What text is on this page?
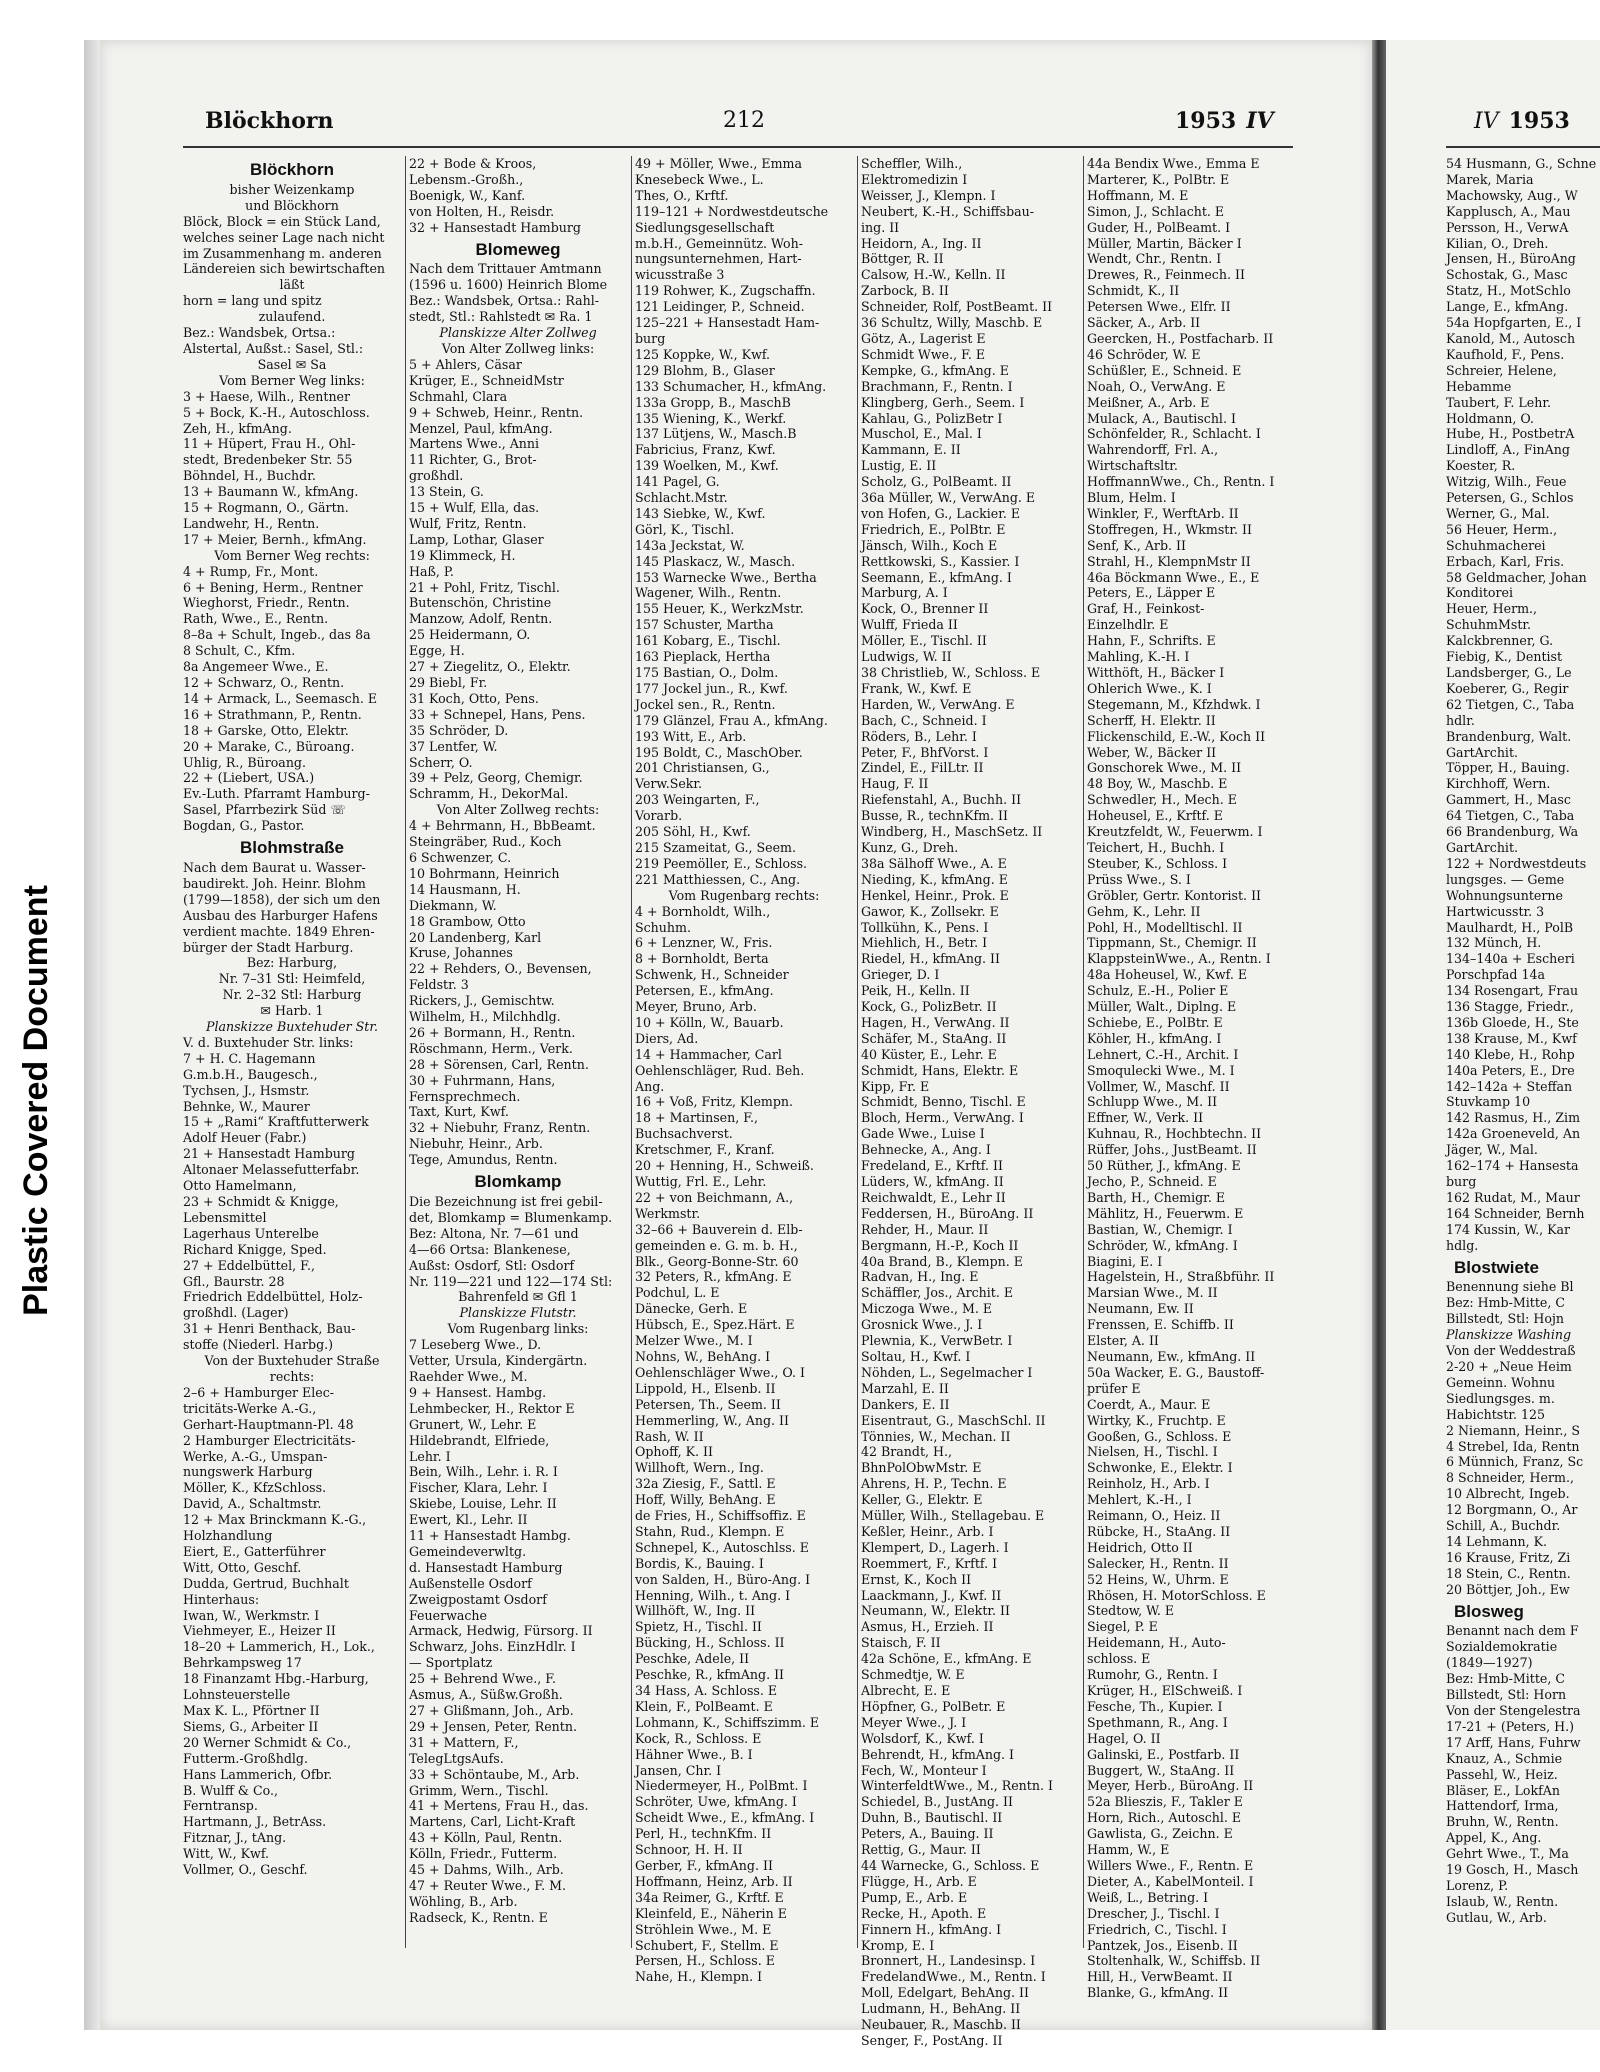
Plastic Covered Document
Blöckhorn	212	1953 IV
Blöckhorn
bisher Weizenkamp
und Blöckhorn
Blöck, Block = ein Stück Land,
welches seiner Lage nach nicht
im Zusammenhang m. anderen
Ländereien sich bewirtschaften
läßt
horn = lang und spitz
zulaufend.
Bez.: Wandsbek, Ortsa.:
Alstertal, Außst.: Sasel, Stl.:
Sasel ✉ Sa
Vom Berner Weg links:
3 + Haese, Wilh., Rentner
5 + Bock, K.-H., Autoschloss.
Zeh, H., kfmAng.
11 + Hüpert, Frau H., Ohl-
stedt, Bredenbeker Str. 55
Böhndel, H., Buchdr.
13 + Baumann W., kfmAng.
15 + Rogmann, O., Gärtn.
Landwehr, H., Rentn.
17 + Meier, Bernh., kfmAng.
Vom Berner Weg rechts:
4 + Rump, Fr., Mont.
6 + Bening, Herm., Rentner
Wieghorst, Friedr., Rentn.
Rath, Wwe., E., Rentn.
8–8a + Schult, Ingeb., das 8a
8 Schult, C., Kfm.
8a Angemeer Wwe., E.
12 + Schwarz, O., Rentn.
14 + Armack, L., Seemasch. E
16 + Strathmann, P., Rentn.
18 + Garske, Otto, Elektr.
20 + Marake, C., Büroang.
Uhlig, R., Büroang.
22 + (Liebert, USA.)
Ev.-Luth. Pfarramt Hamburg-
Sasel, Pfarrbezirk Süd ☏
Bogdan, G., Pastor.
Blohmstraße
Nach dem Baurat u. Wasser-
baudirekt. Joh. Heinr. Blohm
(1799—1858), der sich um den
Ausbau des Harburger Hafens
verdient machte. 1849 Ehren-
bürger der Stadt Harburg.
Bez: Harburg,
Nr. 7–31 Stl: Heimfeld,
Nr. 2–32 Stl: Harburg
✉ Harb. 1
Planskizze Buxtehuder Str.
V. d. Buxtehuder Str. links:
7 + H. C. Hagemann
G.m.b.H., Baugesch.,
Tychsen, J., Hsmstr.
Behnke, W., Maurer
15 + „Rami“ Kraftfutterwerk
Adolf Heuer (Fabr.)
21 + Hansestadt Hamburg
Altonaer Melassefutterfabr.
Otto Hamelmann,
23 + Schmidt & Knigge,
Lebensmittel
Lagerhaus Unterelbe
Richard Knigge, Sped.
27 + Eddelbüttel, F.,
Gfl., Baurstr. 28
Friedrich Eddelbüttel, Holz-
großhdl. (Lager)
31 + Henri Benthack, Bau-
stoffe (Niederl. Harbg.)
Von der Buxtehuder Straße
rechts:
2–6 + Hamburger Elec-
tricitäts-Werke A.-G.,
Gerhart-Hauptmann-Pl. 48
2 Hamburger Electricitäts-
Werke, A.-G., Umspan-
nungswerk Harburg
Möller, K., KfzSchloss.
David, A., Schaltmstr.
12 + Max Brinckmann K.-G.,
Holzhandlung
Eiert, E., Gatterführer
Witt, Otto, Geschf.
Dudda, Gertrud, Buchhalt
Hinterhaus:
Iwan, W., Werkmstr. I
Viehmeyer, E., Heizer II
18–20 + Lammerich, H., Lok.,
Behrkampsweg 17
18 Finanzamt Hbg.-Harburg,
Lohnsteuerstelle
Max K. L., Pförtner II
Siems, G., Arbeiter II
20 Werner Schmidt & Co.,
Futterm.-Großhdlg.
Hans Lammerich, Ofbr.
B. Wulff & Co.,
Ferntransp.
Hartmann, J., BetrAss.
Fitznar, J., tAng.
Witt, W., Kwf.
Vollmer, O., Geschf.
22 + Bode & Kroos,
Lebensm.-Großh.,
Boenigk, W., Kanf.
von Holten, H., Reisdr.
32 + Hansestadt Hamburg
Blomeweg
Nach dem Trittauer Amtmann
(1596 u. 1600) Heinrich Blome
Bez.: Wandsbek, Ortsa.: Rahl-
stedt, Stl.: Rahlstedt ✉ Ra. 1
Planskizze Alter Zollweg
Von Alter Zollweg links:
5 + Ahlers, Cäsar
Krüger, E., SchneidMstr
Schmahl, Clara
9 + Schweb, Heinr., Rentn.
Menzel, Paul, kfmAng.
Martens Wwe., Anni
11 Richter, G., Brot-
großhdl.
13 Stein, G.
15 + Wulf, Ella, das.
Wulf, Fritz, Rentn.
Lamp, Lothar, Glaser
19 Klimmeck, H.
Haß, P.
21 + Pohl, Fritz, Tischl.
Butenschön, Christine
Manzow, Adolf, Rentn.
25 Heidermann, O.
Egge, H.
27 + Ziegelitz, O., Elektr.
29 Biebl, Fr.
31 Koch, Otto, Pens.
33 + Schnepel, Hans, Pens.
35 Schröder, D.
37 Lentfer, W.
Scherr, O.
39 + Pelz, Georg, Chemigr.
Schramm, H., DekorMal.
Von Alter Zollweg rechts:
4 + Behrmann, H., BbBeamt.
Steingräber, Rud., Koch
6 Schwenzer, C.
10 Bohrmann, Heinrich
14 Hausmann, H.
Diekmann, W.
18 Grambow, Otto
20 Landenberg, Karl
Kruse, Johannes
22 + Rehders, O., Bevensen,
Feldstr. 3
Rickers, J., Gemischtw.
Wilhelm, H., Milchhdlg.
26 + Bormann, H., Rentn.
Röschmann, Herm., Verk.
28 + Sörensen, Carl, Rentn.
30 + Fuhrmann, Hans,
Fernsprechmech.
Taxt, Kurt, Kwf.
32 + Niebuhr, Franz, Rentn.
Niebuhr, Heinr., Arb.
Tege, Amundus, Rentn.
Blomkamp
Die Bezeichnung ist frei gebil-
det, Blomkamp = Blumenkamp.
Bez: Altona, Nr. 7—61 und
4—66 Ortsa: Blankenese,
Außst: Osdorf, Stl: Osdorf
Nr. 119—221 und 122—174 Stl:
Bahrenfeld ✉ Gfl 1
Planskizze Flutstr.
Vom Rugenbarg links:
7 Leseberg Wwe., D.
Vetter, Ursula, Kindergärtn.
Raehder Wwe., M.
9 + Hansest. Hambg.
Lehmbecker, H., Rektor E
Grunert, W., Lehr. E
Hildebrandt, Elfriede,
Lehr. I
Bein, Wilh., Lehr. i. R. I
Fischer, Klara, Lehr. I
Skiebe, Louise, Lehr. II
Ewert, Kl., Lehr. II
11 + Hansestadt Hambg.
Gemeindeverwltg.
d. Hansestadt Hamburg
Außenstelle Osdorf
Zweigpostamt Osdorf
Feuerwache
Armack, Hedwig, Fürsorg. II
Schwarz, Johs. EinzHdlr. I
— Sportplatz
25 + Behrend Wwe., F.
Asmus, A., Süßw.Großh.
27 + Glißmann, Joh., Arb.
29 + Jensen, Peter, Rentn.
31 + Mattern, F.,
TelegLtgsAufs.
33 + Schöntaube, M., Arb.
Grimm, Wern., Tischl.
41 + Mertens, Frau H., das.
Martens, Carl, Licht-Kraft
43 + Kölln, Paul, Rentn.
Kölln, Friedr., Futterm.
45 + Dahms, Wilh., Arb.
47 + Reuter Wwe., F. M.
Wöhling, B., Arb.
Radseck, K., Rentn. E
49 + Möller, Wwe., Emma
Knesebeck Wwe., L.
Thes, O., Krftf.
119–121 + Nordwestdeutsche
Siedlungsgesellschaft
m.b.H., Gemeinnütz. Woh-
nungsunternehmen, Hart-
wicusstraße 3
119 Rohwer, K., Zugschaffn.
121 Leidinger, P., Schneid.
125–221 + Hansestadt Ham-
burg
125 Koppke, W., Kwf.
129 Blohm, B., Glaser
133 Schumacher, H., kfmAng.
133a Gropp, B., MaschB
135 Wiening, K., Werkf.
137 Lütjens, W., Masch.B
Fabricius, Franz, Kwf.
139 Woelken, M., Kwf.
141 Pagel, G.
Schlacht.Mstr.
143 Siebke, W., Kwf.
Görl, K., Tischl.
143a Jeckstat, W.
145 Plaskacz, W., Masch.
153 Warnecke Wwe., Bertha
Wagener, Wilh., Rentn.
155 Heuer, K., WerkzMstr.
157 Schuster, Martha
161 Kobarg, E., Tischl.
163 Pieplack, Hertha
175 Bastian, O., Dolm.
177 Jockel jun., R., Kwf.
Jockel sen., R., Rentn.
179 Glänzel, Frau A., kfmAng.
193 Witt, E., Arb.
195 Boldt, C., MaschOber.
201 Christiansen, G.,
Verw.Sekr.
203 Weingarten, F.,
Vorarb.
205 Söhl, H., Kwf.
215 Szameitat, G., Seem.
219 Peemöller, E., Schloss.
221 Matthiessen, C., Ang.
Vom Rugenbarg rechts:
4 + Bornholdt, Wilh.,
Schuhm.
6 + Lenzner, W., Fris.
8 + Bornholdt, Berta
Schwenk, H., Schneider
Petersen, E., kfmAng.
Meyer, Bruno, Arb.
10 + Kölln, W., Bauarb.
Diers, Ad.
14 + Hammacher, Carl
Oehlenschläger, Rud. Beh.
Ang.
16 + Voß, Fritz, Klempn.
18 + Martinsen, F.,
Buchsachverst.
Kretschmer, F., Kranf.
20 + Henning, H., Schweiß.
Wuttig, Frl. E., Lehr.
22 + von Beichmann, A.,
Werkmstr.
32–66 + Bauverein d. Elb-
gemeinden e. G. m. b. H.,
Blk., Georg-Bonne-Str. 60
32 Peters, R., kfmAng. E
Podchul, L. E
Dänecke, Gerh. E
Hübsch, E., Spez.Härt. E
Melzer Wwe., M. I
Nohns, W., BehAng. I
Oehlenschläger Wwe., O. I
Lippold, H., Elsenb. II
Petersen, Th., Seem. II
Hemmerling, W., Ang. II
Rash, W. II
Ophoff, K. II
Willhoft, Wern., Ing.
32a Ziesig, F., Sattl. E
Hoff, Willy, BehAng. E
de Fries, H., Schiffsoffiz. E
Stahn, Rud., Klempn. E
Schnepel, K., Autoschlss. E
Bordis, K., Bauing. I
von Salden, H., Büro-Ang. I
Henning, Wilh., t. Ang. I
Willhöft, W., Ing. II
Spietz, H., Tischl. II
Bücking, H., Schloss. II
Peschke, Adele, II
Peschke, R., kfmAng. II
34 Hass, A. Schloss. E
Klein, F., PolBeamt. E
Lohmann, K., Schiffszimm. E
Kock, R., Schloss. E
Hähner Wwe., B. I
Jansen, Chr. I
Niedermeyer, H., PolBmt. I
Schröter, Uwe, kfmAng. I
Scheidt Wwe., E., kfmAng. I
Perl, H., technKfm. II
Schnoor, H. H. II
Gerber, F., kfmAng. II
Hoffmann, Heinz, Arb. II
34a Reimer, G., Krftf. E
Kleinfeld, E., Näherin E
Ströhlein Wwe., M. E
Schubert, F., Stellm. E
Persen, H., Schloss. E
Nahe, H., Klempn. I
Scheffler, Wilh.,
Elektromedizin I
Weisser, J., Klempn. I
Neubert, K.-H., Schiffsbau-
ing. II
Heidorn, A., Ing. II
Böttger, R. II
Calsow, H.-W., Kelln. II
Zarbock, B. II
Schneider, Rolf, PostBeamt. II
36 Schultz, Willy, Maschb. E
Götz, A., Lagerist E
Schmidt Wwe., F. E
Kempke, G., kfmAng. E
Brachmann, F., Rentn. I
Klingberg, Gerh., Seem. I
Kahlau, G., PolizBetr I
Muschol, E., Mal. I
Kammann, E. II
Lustig, E. II
Scholz, G., PolBeamt. II
36a Müller, W., VerwAng. E
von Hofen, G., Lackier. E
Friedrich, E., PolBtr. E
Jänsch, Wilh., Koch E
Rettkowski, S., Kassier. I
Seemann, E., kfmAng. I
Marburg, A. I
Kock, O., Brenner II
Wulff, Frieda II
Möller, E., Tischl. II
Ludwigs, W. II
38 Christlieb, W., Schloss. E
Frank, W., Kwf. E
Harden, W., VerwAng. E
Bach, C., Schneid. I
Röders, B., Lehr. I
Peter, F., BhfVorst. I
Zindel, E., FilLtr. II
Haug, F. II
Riefenstahl, A., Buchh. II
Busse, R., technKfm. II
Windberg, H., MaschSetz. II
Kunz, G., Dreh.
38a Sälhoff Wwe., A. E
Nieding, K., kfmAng. E
Henkel, Heinr., Prok. E
Gawor, K., Zollsekr. E
Tollkühn, K., Pens. I
Miehlich, H., Betr. I
Riedel, H., kfmAng. II
Grieger, D. I
Peik, H., Kelln. II
Kock, G., PolizBetr. II
Hagen, H., VerwAng. II
Schäfer, M., StaAng. II
40 Küster, E., Lehr. E
Schmidt, Hans, Elektr. E
Kipp, Fr. E
Schmidt, Benno, Tischl. E
Bloch, Herm., VerwAng. I
Gade Wwe., Luise I
Behnecke, A., Ang. I
Fredeland, E., Krftf. II
Lüders, W., kfmAng. II
Reichwaldt, E., Lehr II
Feddersen, H., BüroAng. II
Rehder, H., Maur. II
Bergmann, H.-P., Koch II
40a Brand, B., Klempn. E
Radvan, H., Ing. E
Schäffler, Jos., Archit. E
Miczoga Wwe., M. E
Grosnick Wwe., J. I
Plewnia, K., VerwBetr. I
Soltau, H., Kwf. I
Nöhden, L., Segelmacher I
Marzahl, E. II
Dankers, E. II
Eisentraut, G., MaschSchl. II
Tönnies, W., Mechan. II
42 Brandt, H.,
BhnPolObwMstr. E
Ahrens, H. P., Techn. E
Keller, G., Elektr. E
Müller, Wilh., Stellagebau. E
Keßler, Heinr., Arb. I
Klempert, D., Lagerh. I
Roemmert, F., Krftf. I
Ernst, K., Koch II
Laackmann, J., Kwf. II
Neumann, W., Elektr. II
Asmus, H., Erzieh. II
Staisch, F. II
42a Schöne, E., kfmAng. E
Schmedtje, W. E
Albrecht, E. E
Höpfner, G., PolBetr. E
Meyer Wwe., J. I
Wolsdorf, K., Kwf. I
Behrendt, H., kfmAng. I
Fech, W., Monteur I
WinterfeldtWwe., M., Rentn. I
Schiedel, B., JustAng. II
Duhn, B., Bautischl. II
Peters, A., Bauing. II
Rettig, G., Maur. II
44 Warnecke, G., Schloss. E
Flügge, H., Arb. E
Pump, E., Arb. E
Recke, H., Apoth. E
Finnern H., kfmAng. I
Kromp, E. I
Bronnert, H., Landesinsp. I
FredelandWwe., M., Rentn. I
Moll, Edelgart, BehAng. II
Ludmann, H., BehAng. II
Neubauer, R., Maschb. II
Senger, F., PostAng. II
44a Bendix Wwe., Emma E
Marterer, K., PolBtr. E
Hoffmann, M. E
Simon, J., Schlacht. E
Guder, H., PolBeamt. I
Müller, Martin, Bäcker I
Wendt, Chr., Rentn. I
Drewes, R., Feinmech. II
Schmidt, K., II
Petersen Wwe., Elfr. II
Säcker, A., Arb. II
Geercken, H., Postfacharb. II
46 Schröder, W. E
Schüßler, E., Schneid. E
Noah, O., VerwAng. E
Meißner, A., Arb. E
Mulack, A., Bautischl. I
Schönfelder, R., Schlacht. I
Wahrendorff, Frl. A.,
Wirtschaftsltr.
HoffmannWwe., Ch., Rentn. I
Blum, Helm. I
Winkler, F., WerftArb. II
Stoffregen, H., Wkmstr. II
Senf, K., Arb. II
Strahl, H., KlempnMstr II
46a Böckmann Wwe., E., E
Peters, E., Läpper E
Graf, H., Feinkost-
Einzelhdlr. E
Hahn, F., Schrifts. E
Mahling, K.-H. I
Witthöft, H., Bäcker I
Ohlerich Wwe., K. I
Stegemann, M., Kfzhdwk. I
Scherff, H. Elektr. II
Flickenschild, E.-W., Koch II
Weber, W., Bäcker II
Gonschorek Wwe., M. II
48 Boy, W., Maschb. E
Schwedler, H., Mech. E
Hoheusel, E., Krftf. E
Kreutzfeldt, W., Feuerwm. I
Teichert, H., Buchh. I
Steuber, K., Schloss. I
Prüss Wwe., S. I
Gröbler, Gertr. Kontorist. II
Gehm, K., Lehr. II
Pohl, H., Modelltischl. II
Tippmann, St., Chemigr. II
KlappsteinWwe., A., Rentn. I
48a Hoheusel, W., Kwf. E
Schulz, E.-H., Polier E
Müller, Walt., Diplng. E
Schiebe, E., PolBtr. E
Köhler, H., kfmAng. I
Lehnert, C.-H., Archit. I
Smoqulecki Wwe., M. I
Vollmer, W., Maschf. II
Schlupp Wwe., M. II
Effner, W., Verk. II
Kuhnau, R., Hochbtechn. II
Rüffer, Johs., JustBeamt. II
50 Rüther, J., kfmAng. E
Jecho, P., Schneid. E
Barth, H., Chemigr. E
Mählitz, H., Feuerwm. E
Bastian, W., Chemigr. I
Schröder, W., kfmAng. I
Biagini, E. I
Hagelstein, H., Straßbführ. II
Marsian Wwe., M. II
Neumann, Ew. II
Frenssen, E. Schiffb. II
Elster, A. II
Neumann, Ew., kfmAng. II
50a Wacker, E. G., Baustoff-
prüfer E
Coerdt, A., Maur. E
Wirtky, K., Fruchtp. E
Gooßen, G., Schloss. E
Nielsen, H., Tischl. I
Schwonke, E., Elektr. I
Reinholz, H., Arb. I
Mehlert, K.-H., I
Reimann, O., Heiz. II
Rübcke, H., StaAng. II
Heidrich, Otto II
Salecker, H., Rentn. II
52 Heins, W., Uhrm. E
Rhösen, H. MotorSchloss. E
Stedtow, W. E
Siegel, P. E
Heidemann, H., Auto-
schloss. E
Rumohr, G., Rentn. I
Krüger, H., ElSchweiß. I
Fesche, Th., Kupier. I
Spethmann, R., Ang. I
Hagel, O. II
Galinski, E., Postfarb. II
Buggert, W., StaAng. II
Meyer, Herb., BüroAng. II
52a Blieszis, F., Takler E
Horn, Rich., Autoschl. E
Gawlista, G., Zeichn. E
Hamm, W., E
Willers Wwe., F., Rentn. E
Dieter, A., KabelMonteil. I
Weiß, L., Betring. I
Drescher, J., Tischl. I
Friedrich, C., Tischl. I
Pantzek, Jos., Eisenb. II
Stoltenhalk, W., Schiffsb. II
Hill, H., VerwBeamt. II
Blanke, G., kfmAng. II
IV 1953
54 Husmann, G., Schne
Marek, Maria
Machowsky, Aug., W
Kapplusch, A., Mau
Persson, H., VerwA
Kilian, O., Dreh.
Jensen, H., BüroAng
Schostak, G., Masc
Statz, H., MotSchlo
Lange, E., kfmAng.
54a Hopfgarten, E., I
Kanold, M., Autosch
Kaufhold, F., Pens.
Schreier, Helene,
Hebamme
Taubert, F. Lehr.
Holdmann, O.
Hube, H., PostbetrA
Lindloff, A., FinAng
Koester, R.
Witzig, Wilh., Feue
Petersen, G., Schlos
Werner, G., Mal.
56 Heuer, Herm.,
Schuhmacherei
Erbach, Karl, Fris.
58 Geldmacher, Johan
Konditorei
Heuer, Herm.,
SchuhmMstr.
Kalckbrenner, G.
Fiebig, K., Dentist
Landsberger, G., Le
Koeberer, G., Regir
62 Tietgen, C., Taba
hdlr.
Brandenburg, Walt.
GartArchit.
Töpper, H., Bauing.
Kirchhoff, Wern.
Gammert, H., Masc
64 Tietgen, C., Taba
66 Brandenburg, Wa
GartArchit.
122 + Nordwestdeuts
lungsges. — Geme
Wohnungsunterne
Hartwicusstr. 3
Maulhardt, H., PolB
132 Münch, H.
134–140a + Escheri
Porschpfad 14a
134 Rosengart, Frau
136 Stagge, Friedr.,
136b Gloede, H., Ste
138 Krause, M., Kwf
140 Klebe, H., Rohp
140a Peters, E., Dre
142–142a + Steffan
Stuvkamp 10
142 Rasmus, H., Zim
142a Groeneveld, An
Jäger, W., Mal.
162–174 + Hansesta
burg
162 Rudat, M., Maur
164 Schneider, Bernh
174 Kussin, W., Kar
hdlg.
Blostwiete
Benennung siehe Bl
Bez: Hmb-Mitte, C
Billstedt, Stl: Hojn
Planskizze Washing
Von der Weddestraß
2-20 + „Neue Heim
Gemeinn. Wohnu
Siedlungsges. m.
Habichtstr. 125
2 Niemann, Heinr., S
4 Strebel, Ida, Rentn
6 Münnich, Franz, Sc
8 Schneider, Herm.,
10 Albrecht, Ingeb.
12 Borgmann, O., Ar
Schill, A., Buchdr.
14 Lehmann, K.
16 Krause, Fritz, Zi
18 Stein, C., Rentn.
20 Böttjer, Joh., Ew
Blosweg
Benannt nach dem F
Sozialdemokratie
(1849—1927)
Bez: Hmb-Mitte, C
Billstedt, Stl: Horn
Von der Stengelestra
17-21 + (Peters, H.)
17 Arff, Hans, Fuhrw
Knauz, A., Schmie
Passehl, W., Heiz.
Bläser, E., LokfAn
Hattendorf, Irma,
Bruhn, W., Rentn.
Appel, K., Ang.
Gehrt Wwe., T., Ma
19 Gosch, H., Masch
Lorenz, P.
Islaub, W., Rentn.
Gutlau, W., Arb.
